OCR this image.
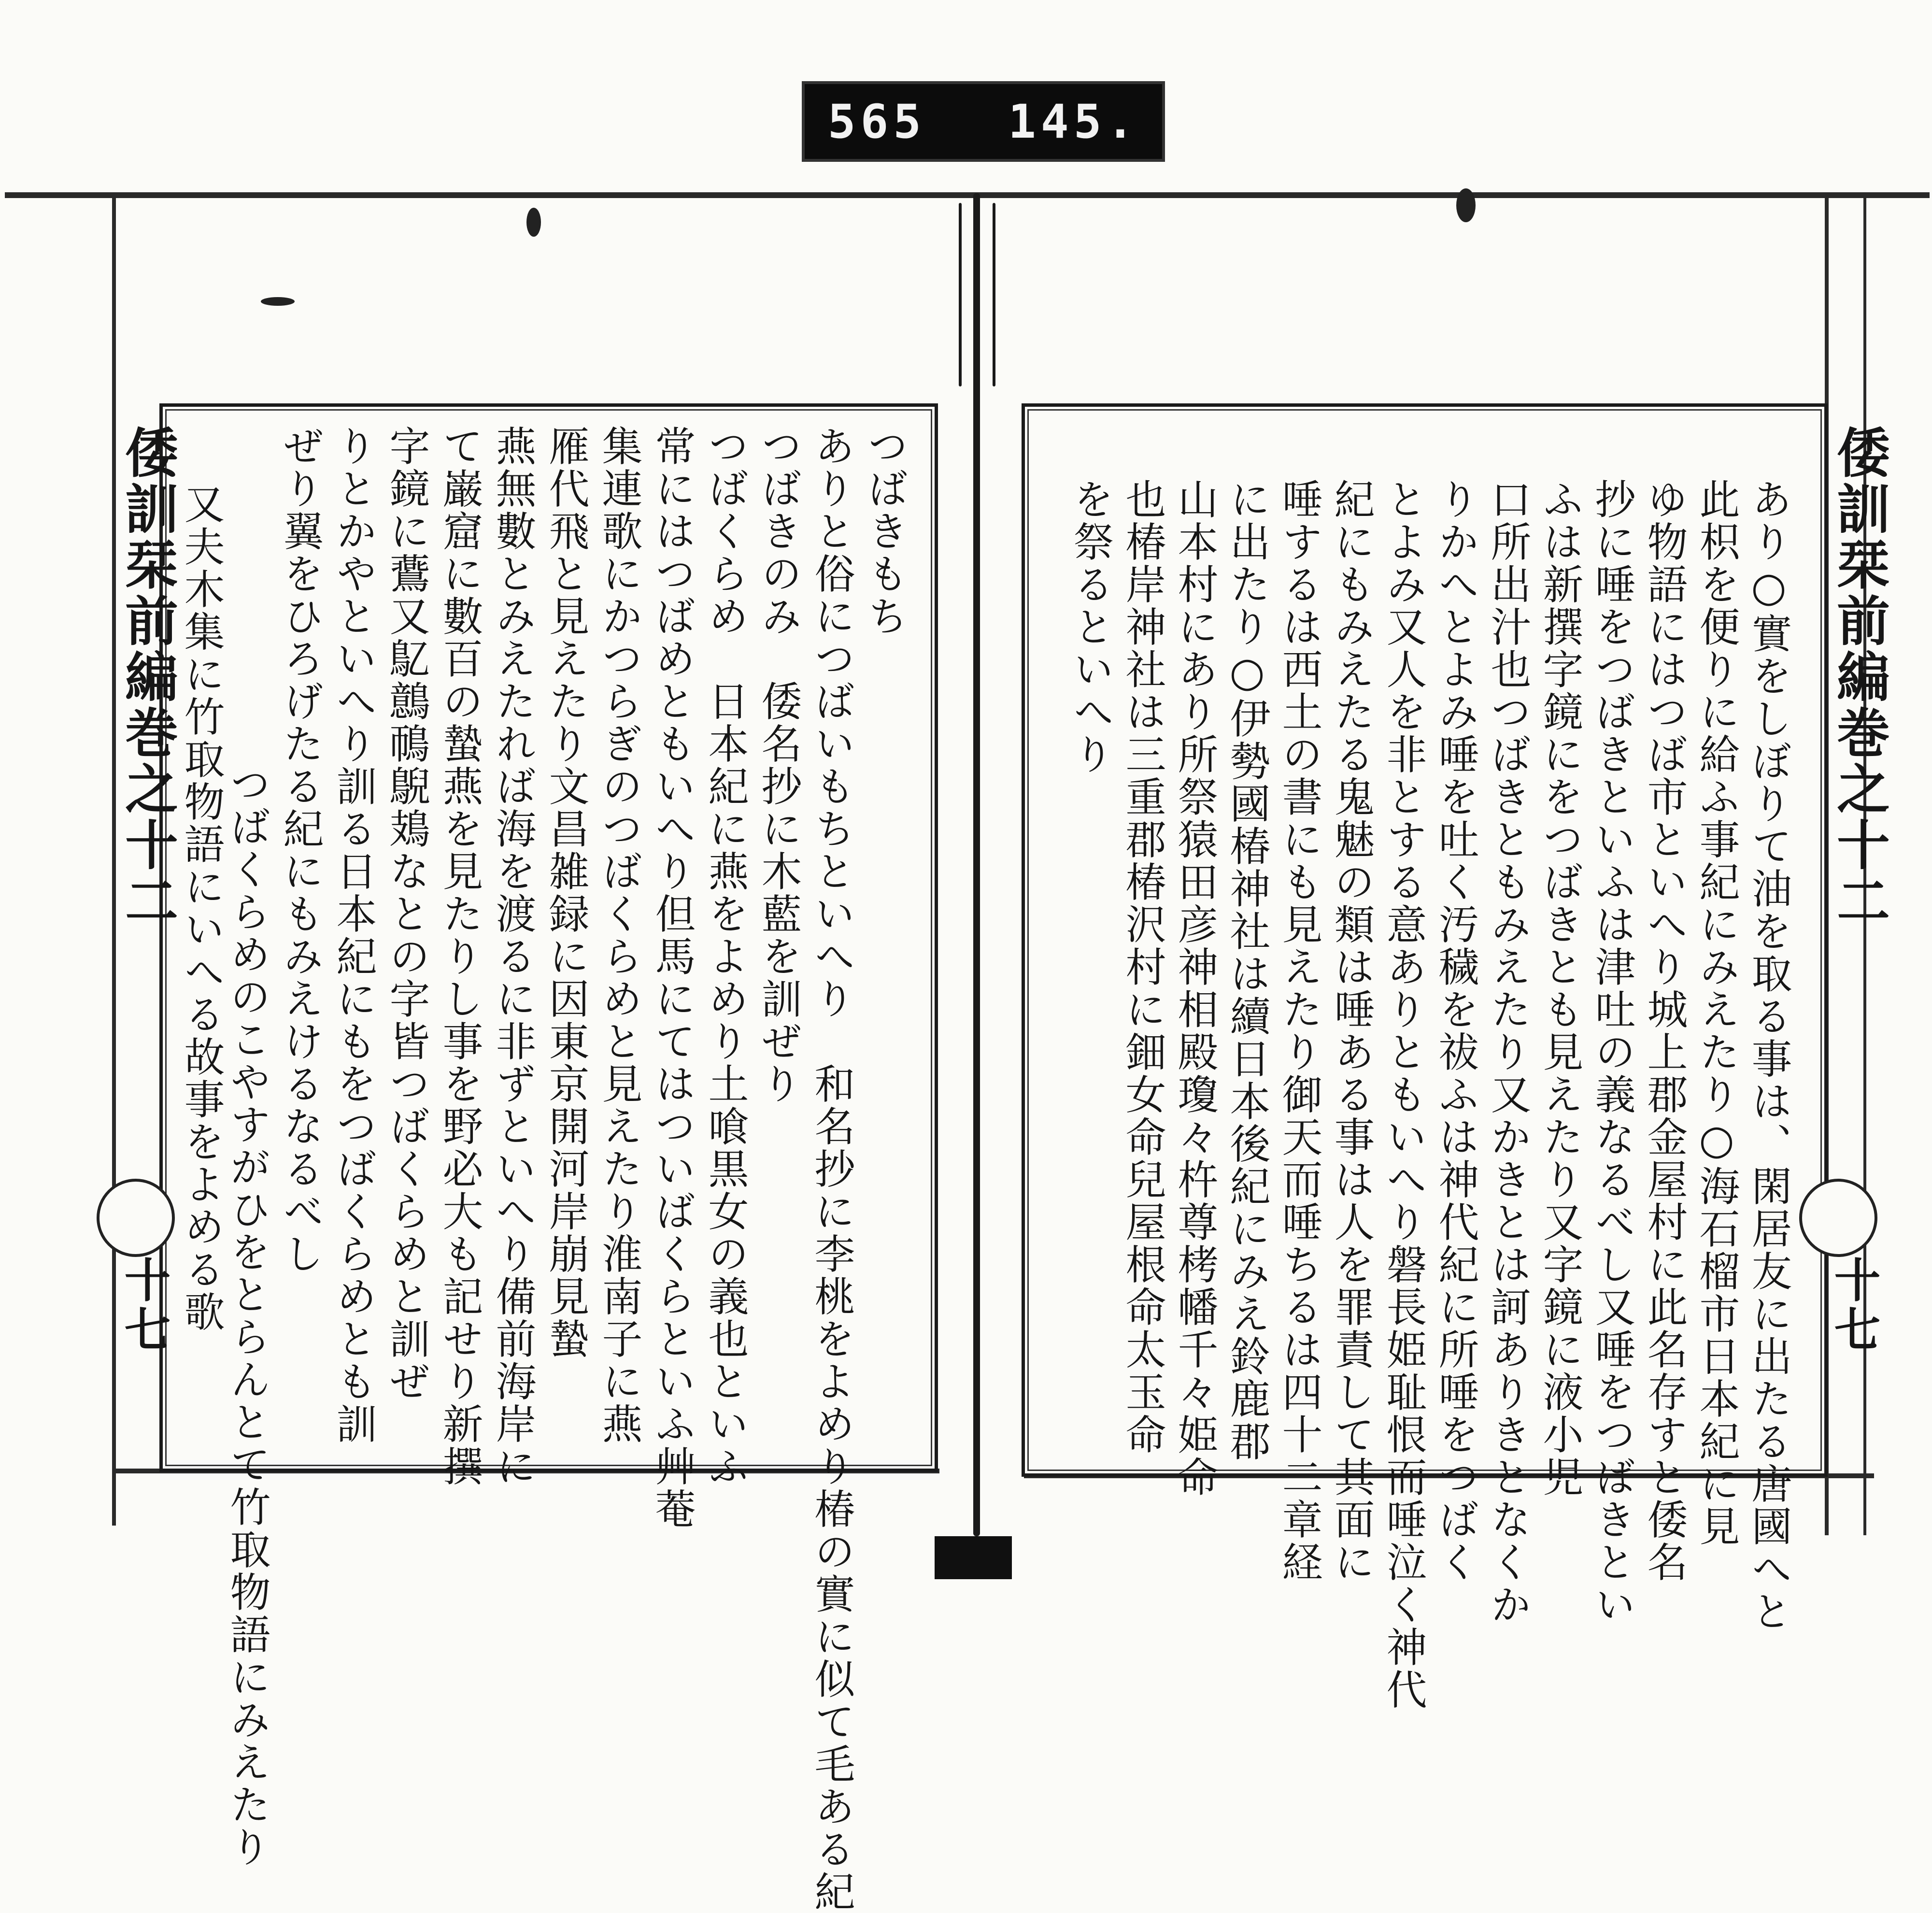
565 145.
倭訓栞前編巻之十二
十七
つばきもち
ありと俗につばいもちといへり　和名抄に李桃をよめり椿の實に似て毛ある紀
つばきのみ　倭名抄に木藍を訓ぜり
つばくらめ　日本紀に燕をよめり土喰黒女の義也といふ
常にはつばめともいへり但馬にてはついばくらといふ艸菴
集連歌にかつらぎのつばくらめと見えたり淮南子に燕
雁代飛と見えたり文昌雑録に因東京開河岸崩見蟄
燕無數とみえたれば海を渡るに非ずといへり備前海岸に
て巌窟に數百の蟄燕を見たりし事を野必大も記せり新撰
字鏡に鷰又鳦鷾鳾鶃鳷なとの字皆つばくらめと訓ぜ
りとかやといへり訓る日本紀にもをつばくらめとも訓
ぜり翼をひろげたる紀にもみえけるなるべし
つばくらめのこやすがひをとらんとて竹取物語にみえたり
又夫木集に竹取物語にいへる故事をよめる歌	倭訓栞前編巻之十二
十七
あり○實をしぼりて油を取る事は、閑居友に出たる唐國へと
此枳を便りに給ふ事紀にみえたり○海石榴市日本紀に見
ゆ物語にはつば市といへり城上郡金屋村に此名存すと倭名
抄に唾をつばきといふは津吐の義なるべし又唾をつばきとい
ふは新撰字鏡にをつばきとも見えたり又字鏡に液小児
口所出汁也つばきともみえたり又かきとは訶ありきとなくか
りかへとよみ唾を吐く汚穢を祓ふは神代紀に所唾をつばく
とよみ又人を非とする意ありともいへり磐長姫耻恨而唾泣く神代
紀にもみえたる鬼魅の類は唾ある事は人を罪責して其面に
唾するは西土の書にも見えたり御天而唾ちるは四十二章経
に出たり○伊勢國椿神社は續日本後紀にみえ鈴鹿郡
山本村にあり所祭猿田彦神相殿瓊々杵尊栲幡千々姫命
也椿岸神社は三重郡椿沢村に鈿女命兒屋根命太玉命
を祭るといへり
